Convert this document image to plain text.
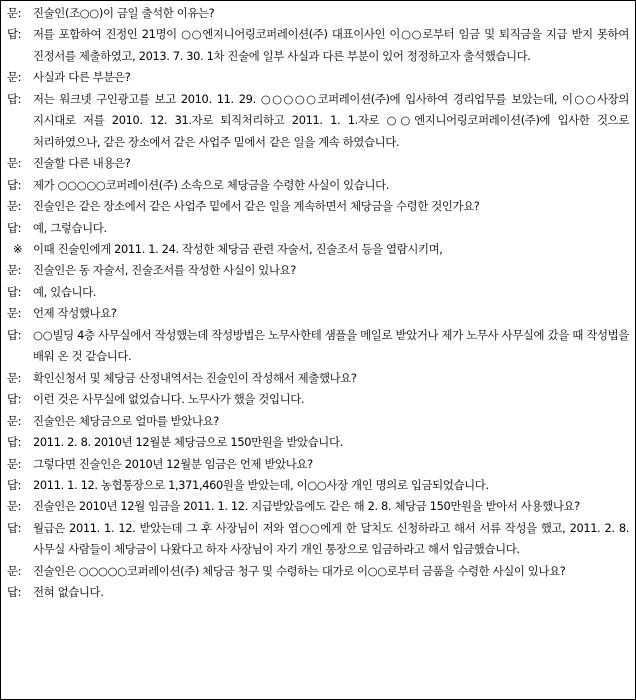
문:	진술인(조○○)이 금일 출석한 이유는?
답:	저를 포함하여 진정인 21명이 ○○엔지니어링코퍼레이션(주) 대표이사인 이○○로부터 임금 및 퇴직금을 지급 받지 못하여 진정서를 제출하였고, 2013. 7. 30. 1차 진술에 일부 사실과 다른 부분이 있어 정정하고자 출석했습니다.
문:	사실과 다른 부분은?
답:	저는 워크넷 구인광고를 보고 2010. 11. 29. ○○○○○코퍼레이션(주)에 입사하여 경리업무를 보았는데, 이○○사장의 지시대로 저를 2010. 12. 31.자로 퇴직처리하고 2011. 1. 1.자로 ○○엔지니어링코퍼레이션(주)에 입사한 것으로 처리하였으나, 같은 장소에서 같은 사업주 밑에서 같은 일을 계속 하였습니다.
문:	진술할 다른 내용은?
답:	제가 ○○○○○코퍼레이션(주) 소속으로 체당금을 수령한 사실이 있습니다.
문:	진술인은 같은 장소에서 같은 사업주 밑에서 같은 일을 계속하면서 체당금을 수령한 것인가요?
답:	예, 그렇습니다.
※ 이때 진술인에게 2011. 1. 24. 작성한 체당금 관련 자술서, 진술조서 등을 열람시키며,
문:	진술인은 동 자술서, 진술조서를 작성한 사실이 있나요?
답:	예, 있습니다.
문:	언제 작성했나요?
답:	○○빌딩 4층 사무실에서 작성했는데 작성방법은 노무사한테 샘플을 메일로 받았거나 제가 노무사 사무실에 갔을 때 작성법을 배워 온 것 같습니다.
문:	확인신청서 및 체당금 산정내역서는 진술인이 작성해서 제출했나요?
답:	이런 것은 사무실에 없었습니다. 노무사가 했을 것입니다.
문:	진술인은 체당금으로 얼마를 받았나요?
답:	2011. 2. 8. 2010년 12월분 체당금으로 150만원을 받았습니다.
문:	그렇다면 진술인은 2010년 12월분 임금은 언제 받았나요?
답:	2011. 1. 12. 농협통장으로 1,371,460원을 받았는데, 이○○사장 개인 명의로 입금되었습니다.
문:	진술인은 2010년 12월 임금을 2011. 1. 12. 지급받았음에도 같은 해 2. 8. 체당금 150만원을 받아서 사용했나요?
답:	월급은 2011. 1. 12. 받았는데 그 후 사장님이 저와 염○○에게 한 달치도 신청하라고 해서 서류 작성을 했고, 2011. 2. 8. 사무실 사람들이 체당금이 나왔다고 하자 사장님이 자기 개인 통장으로 입금하라고 해서 입금했습니다.
문:	진술인은 ○○○○○코퍼레이션(주) 체당금 청구 및 수령하는 대가로 이○○로부터 금품을 수령한 사실이 있나요?
답:	전혀 없습니다.
